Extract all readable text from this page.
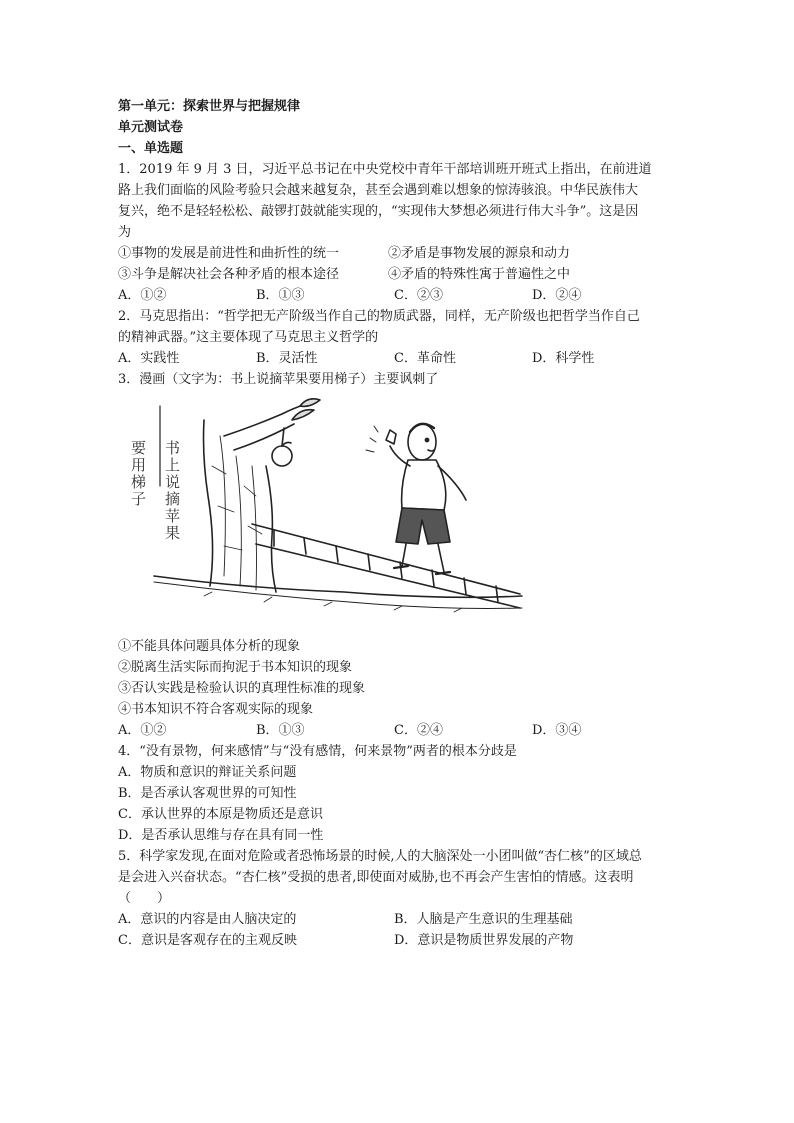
第一单元：探索世界与把握规律
单元测试卷
一、单选题
1．2019 年 9 月 3 日，习近平总书记在中央党校中青年干部培训班开班式上指出，在前进道
路上我们面临的风险考验只会越来越复杂，甚至会遇到难以想象的惊涛骇浪。中华民族伟大
复兴，绝不是轻轻松松、敲锣打鼓就能实现的，“实现伟大梦想必须进行伟大斗争”。这是因
为
①事物的发展是前进性和曲折性的统一	②矛盾是事物发展的源泉和动力
③斗争是解决社会各种矛盾的根本途径	④矛盾的特殊性寓于普遍性之中
A．①②	B．①③	C．②③	D．②④
2．马克思指出：“哲学把无产阶级当作自己的物质武器，同样，无产阶级也把哲学当作自己
的精神武器。”这主要体现了马克思主义哲学的
A．实践性	B．灵活性	C．革命性	D．科学性
3．漫画（文字为：书上说摘苹果要用梯子）主要讽刺了
书上说摘苹果
要用梯子
①不能具体问题具体分析的现象
②脱离生活实际而拘泥于书本知识的现象
③否认实践是检验认识的真理性标准的现象
④书本知识不符合客观实际的现象
A．①②	B．①③	C．②④	D．③④
4．“没有景物，何来感情”与“没有感情，何来景物”两者的根本分歧是
A．物质和意识的辩证关系问题
B．是否承认客观世界的可知性
C．承认世界的本原是物质还是意识
D．是否承认思维与存在具有同一性
5．科学家发现,在面对危险或者恐怖场景的时候,人的大脑深处一小团叫做“杏仁核”的区域总
是会进入兴奋状态。“杏仁核”受损的患者,即使面对威胁,也不再会产生害怕的情感。这表明
（　　）
A．意识的内容是由人脑决定的	B．人脑是产生意识的生理基础
C．意识是客观存在的主观反映	D．意识是物质世界发展的产物
